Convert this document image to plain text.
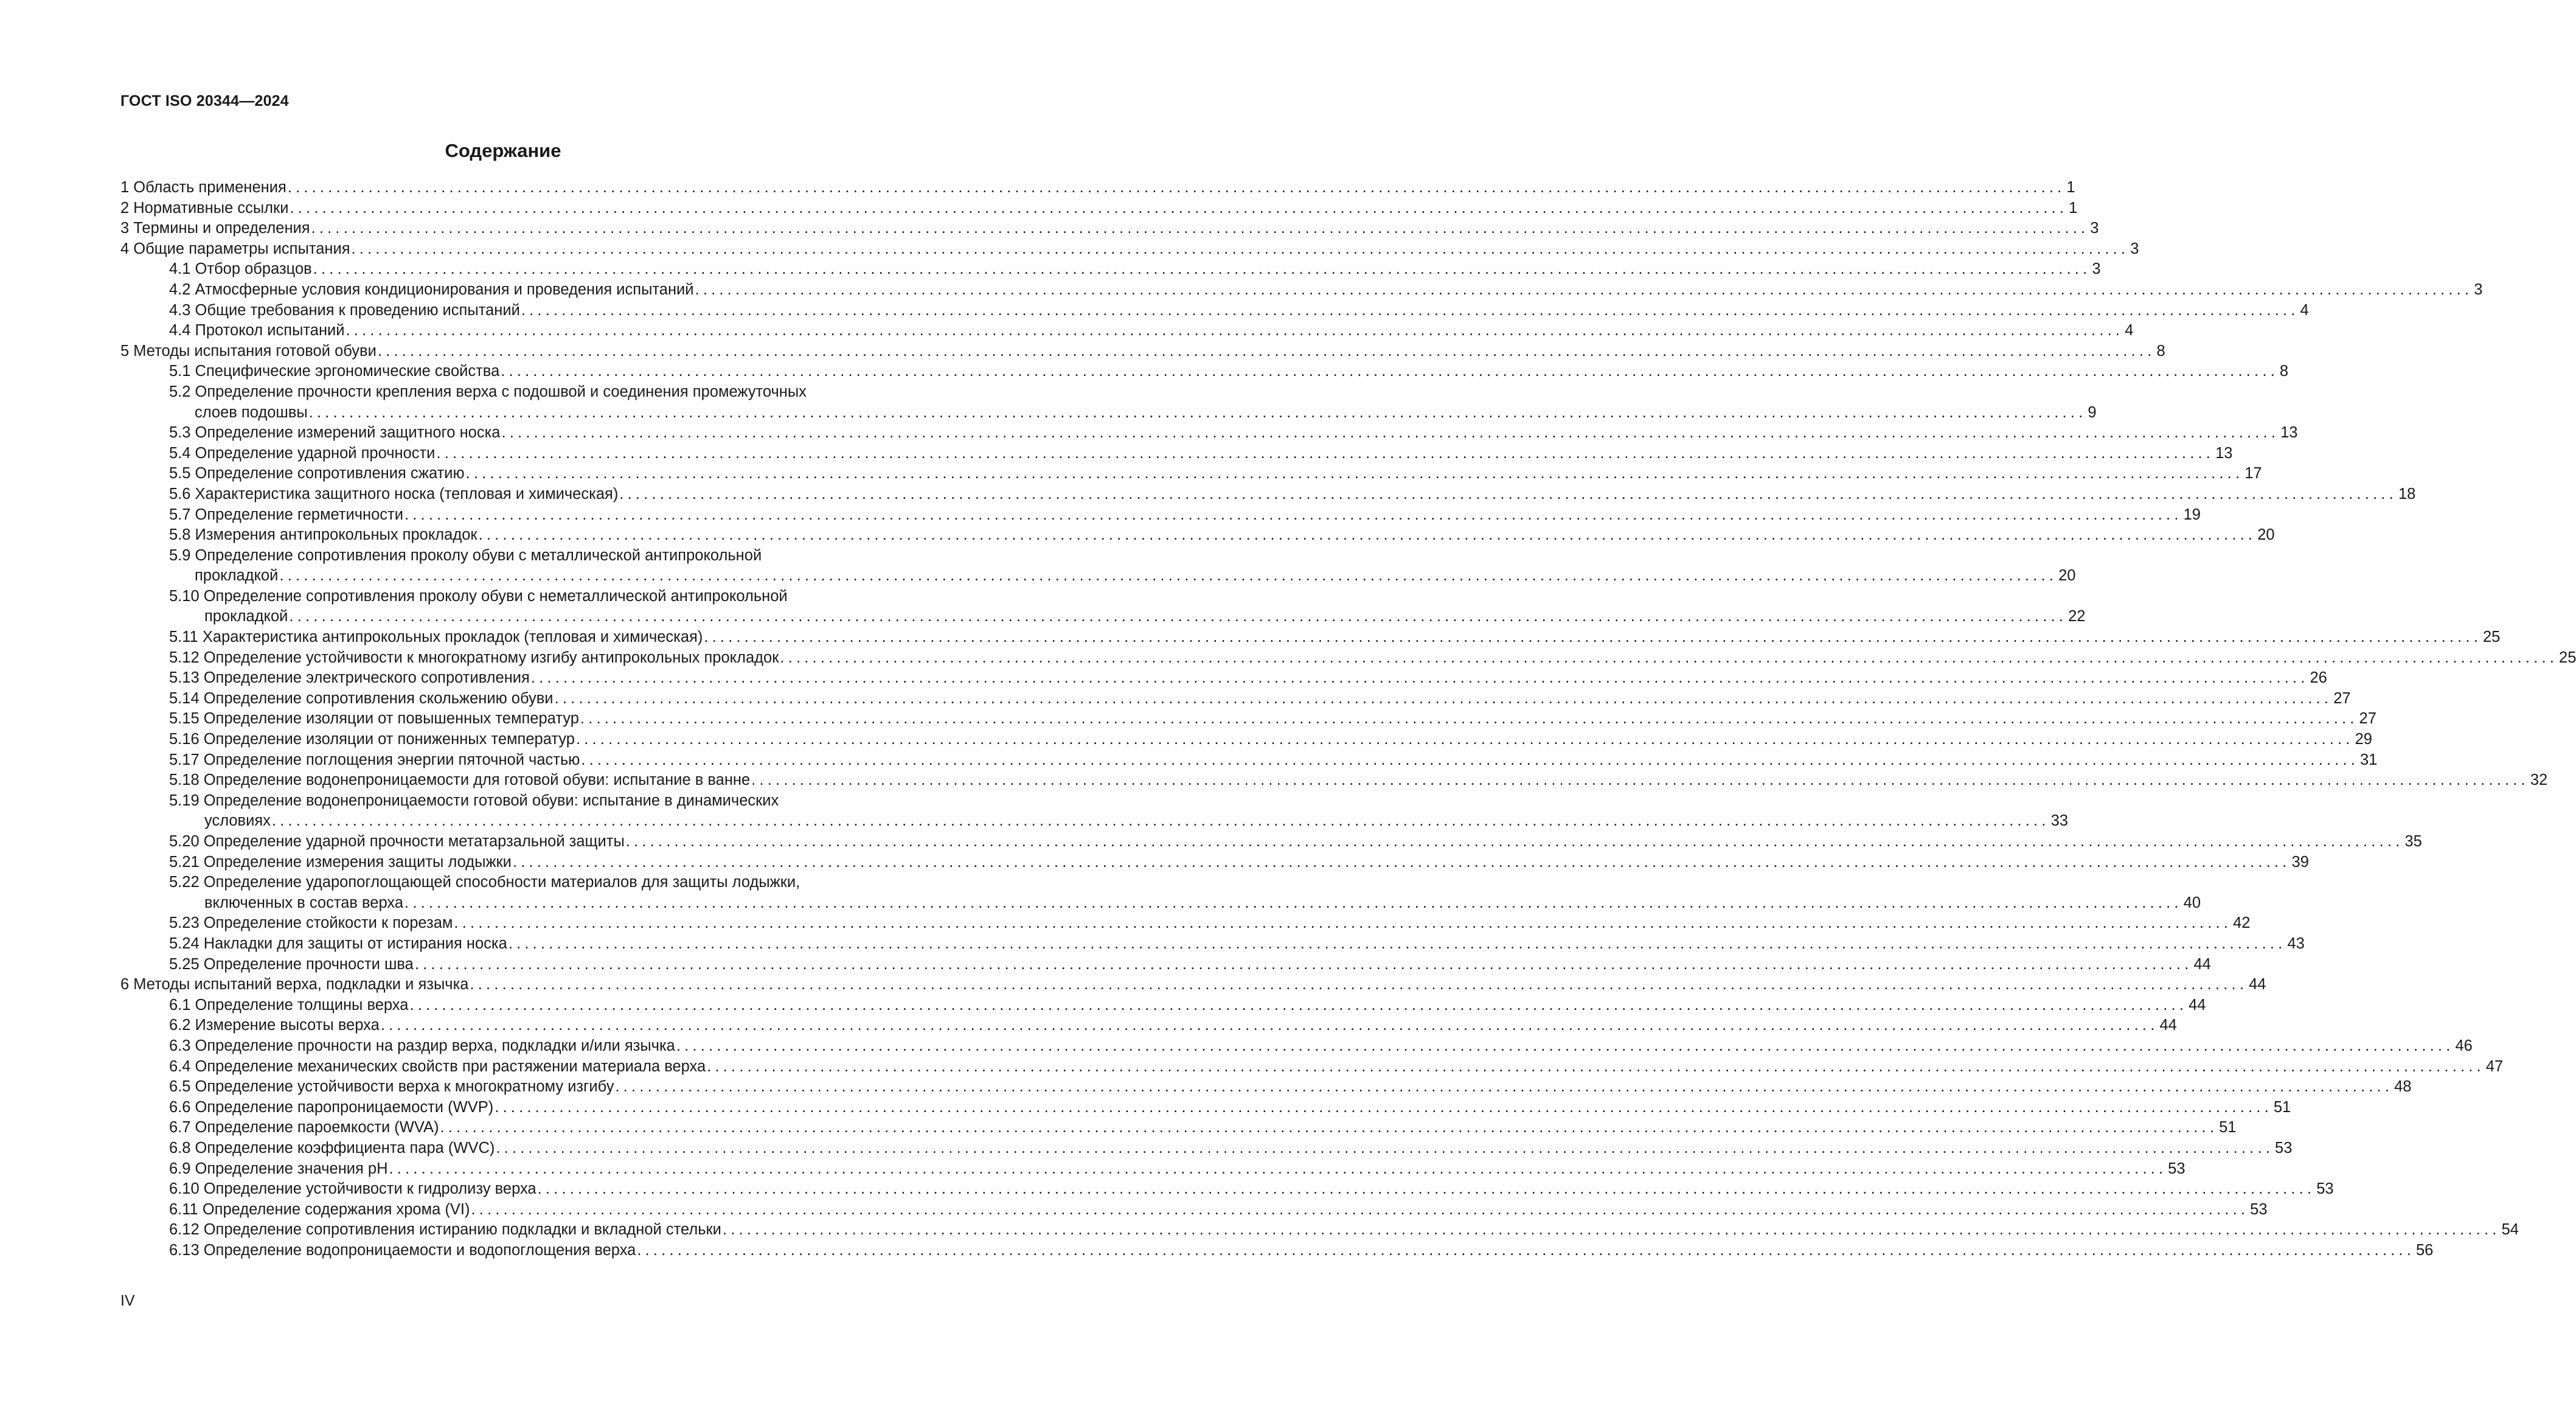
ГОСТ ISO 20344—2024
Содержание
1 Область применения ............................................................................................................................................................................................................................ 1
2 Нормативные ссылки ............................................................................................................................................................................................................................ 1
3 Термины и определения ............................................................................................................................................................................................................................ 3
4 Общие параметры испытания ............................................................................................................................................................................................................................ 3
4.1 Отбор образцов ............................................................................................................................................................................................................................ 3
4.2 Атмосферные условия кондиционирования и проведения испытаний ............................................................................................................................................................................................................................ 3
4.3 Общие требования к проведению испытаний ............................................................................................................................................................................................................................ 4
4.4 Протокол испытаний ............................................................................................................................................................................................................................ 4
5 Методы испытания готовой обуви ............................................................................................................................................................................................................................ 8
5.1 Специфические эргономические свойства ............................................................................................................................................................................................................................ 8
5.2 Определение прочности крепления верха с подошвой и соединения промежуточных
слоев подошвы ............................................................................................................................................................................................................................ 9
5.3 Определение измерений защитного носка ............................................................................................................................................................................................................................ 13
5.4 Определение ударной прочности ............................................................................................................................................................................................................................ 13
5.5 Определение сопротивления сжатию ............................................................................................................................................................................................................................ 17
5.6 Характеристика защитного носка (тепловая и химическая) ............................................................................................................................................................................................................................ 18
5.7 Определение герметичности ............................................................................................................................................................................................................................ 19
5.8 Измерения антипрокольных прокладок ............................................................................................................................................................................................................................ 20
5.9 Определение сопротивления проколу обуви с металлической антипрокольной
прокладкой ............................................................................................................................................................................................................................ 20
5.10 Определение сопротивления проколу обуви с неметаллической антипрокольной
прокладкой ............................................................................................................................................................................................................................ 22
5.11 Характеристика антипрокольных прокладок (тепловая и химическая) ............................................................................................................................................................................................................................ 25
5.12 Определение устойчивости к многократному изгибу антипрокольных прокладок ............................................................................................................................................................................................................................ 25
5.13 Определение электрического сопротивления ............................................................................................................................................................................................................................ 26
5.14 Определение сопротивления скольжению обуви ............................................................................................................................................................................................................................ 27
5.15 Определение изоляции от повышенных температур ............................................................................................................................................................................................................................ 27
5.16 Определение изоляции от пониженных температур ............................................................................................................................................................................................................................ 29
5.17 Определение поглощения энергии пяточной частью ............................................................................................................................................................................................................................ 31
5.18 Определение водонепроницаемости для готовой обуви: испытание в ванне ............................................................................................................................................................................................................................ 32
5.19 Определение водонепроницаемости готовой обуви: испытание в динамических
условиях ............................................................................................................................................................................................................................ 33
5.20 Определение ударной прочности метатарзальной защиты ............................................................................................................................................................................................................................ 35
5.21 Определение измерения защиты лодыжки ............................................................................................................................................................................................................................ 39
5.22 Определение ударопоглощающей способности материалов для защиты лодыжки,
включенных в состав верха ............................................................................................................................................................................................................................ 40
5.23 Определение стойкости к порезам ............................................................................................................................................................................................................................ 42
5.24 Накладки для защиты от истирания носка ............................................................................................................................................................................................................................ 43
5.25 Определение прочности шва ............................................................................................................................................................................................................................ 44
6 Методы испытаний верха, подкладки и язычка ............................................................................................................................................................................................................................ 44
6.1 Определение толщины верха ............................................................................................................................................................................................................................ 44
6.2 Измерение высоты верха ............................................................................................................................................................................................................................ 44
6.3 Определение прочности на раздир верха, подкладки и/или язычка ............................................................................................................................................................................................................................ 46
6.4 Определение механических свойств при растяжении материала верха ............................................................................................................................................................................................................................ 47
6.5 Определение устойчивости верха к многократному изгибу ............................................................................................................................................................................................................................ 48
6.6 Определение паропроницаемости (WVP) ............................................................................................................................................................................................................................ 51
6.7 Определение пароемкости (WVA) ............................................................................................................................................................................................................................ 51
6.8 Определение коэффициента пара (WVC) ............................................................................................................................................................................................................................ 53
6.9 Определение значения pH ............................................................................................................................................................................................................................ 53
6.10 Определение устойчивости к гидролизу верха ............................................................................................................................................................................................................................ 53
6.11 Определение содержания хрома (VI) ............................................................................................................................................................................................................................ 53
6.12 Определение сопротивления истиранию подкладки и вкладной стельки ............................................................................................................................................................................................................................ 54
6.13 Определение водопроницаемости и водопоглощения верха ............................................................................................................................................................................................................................ 56
IV
